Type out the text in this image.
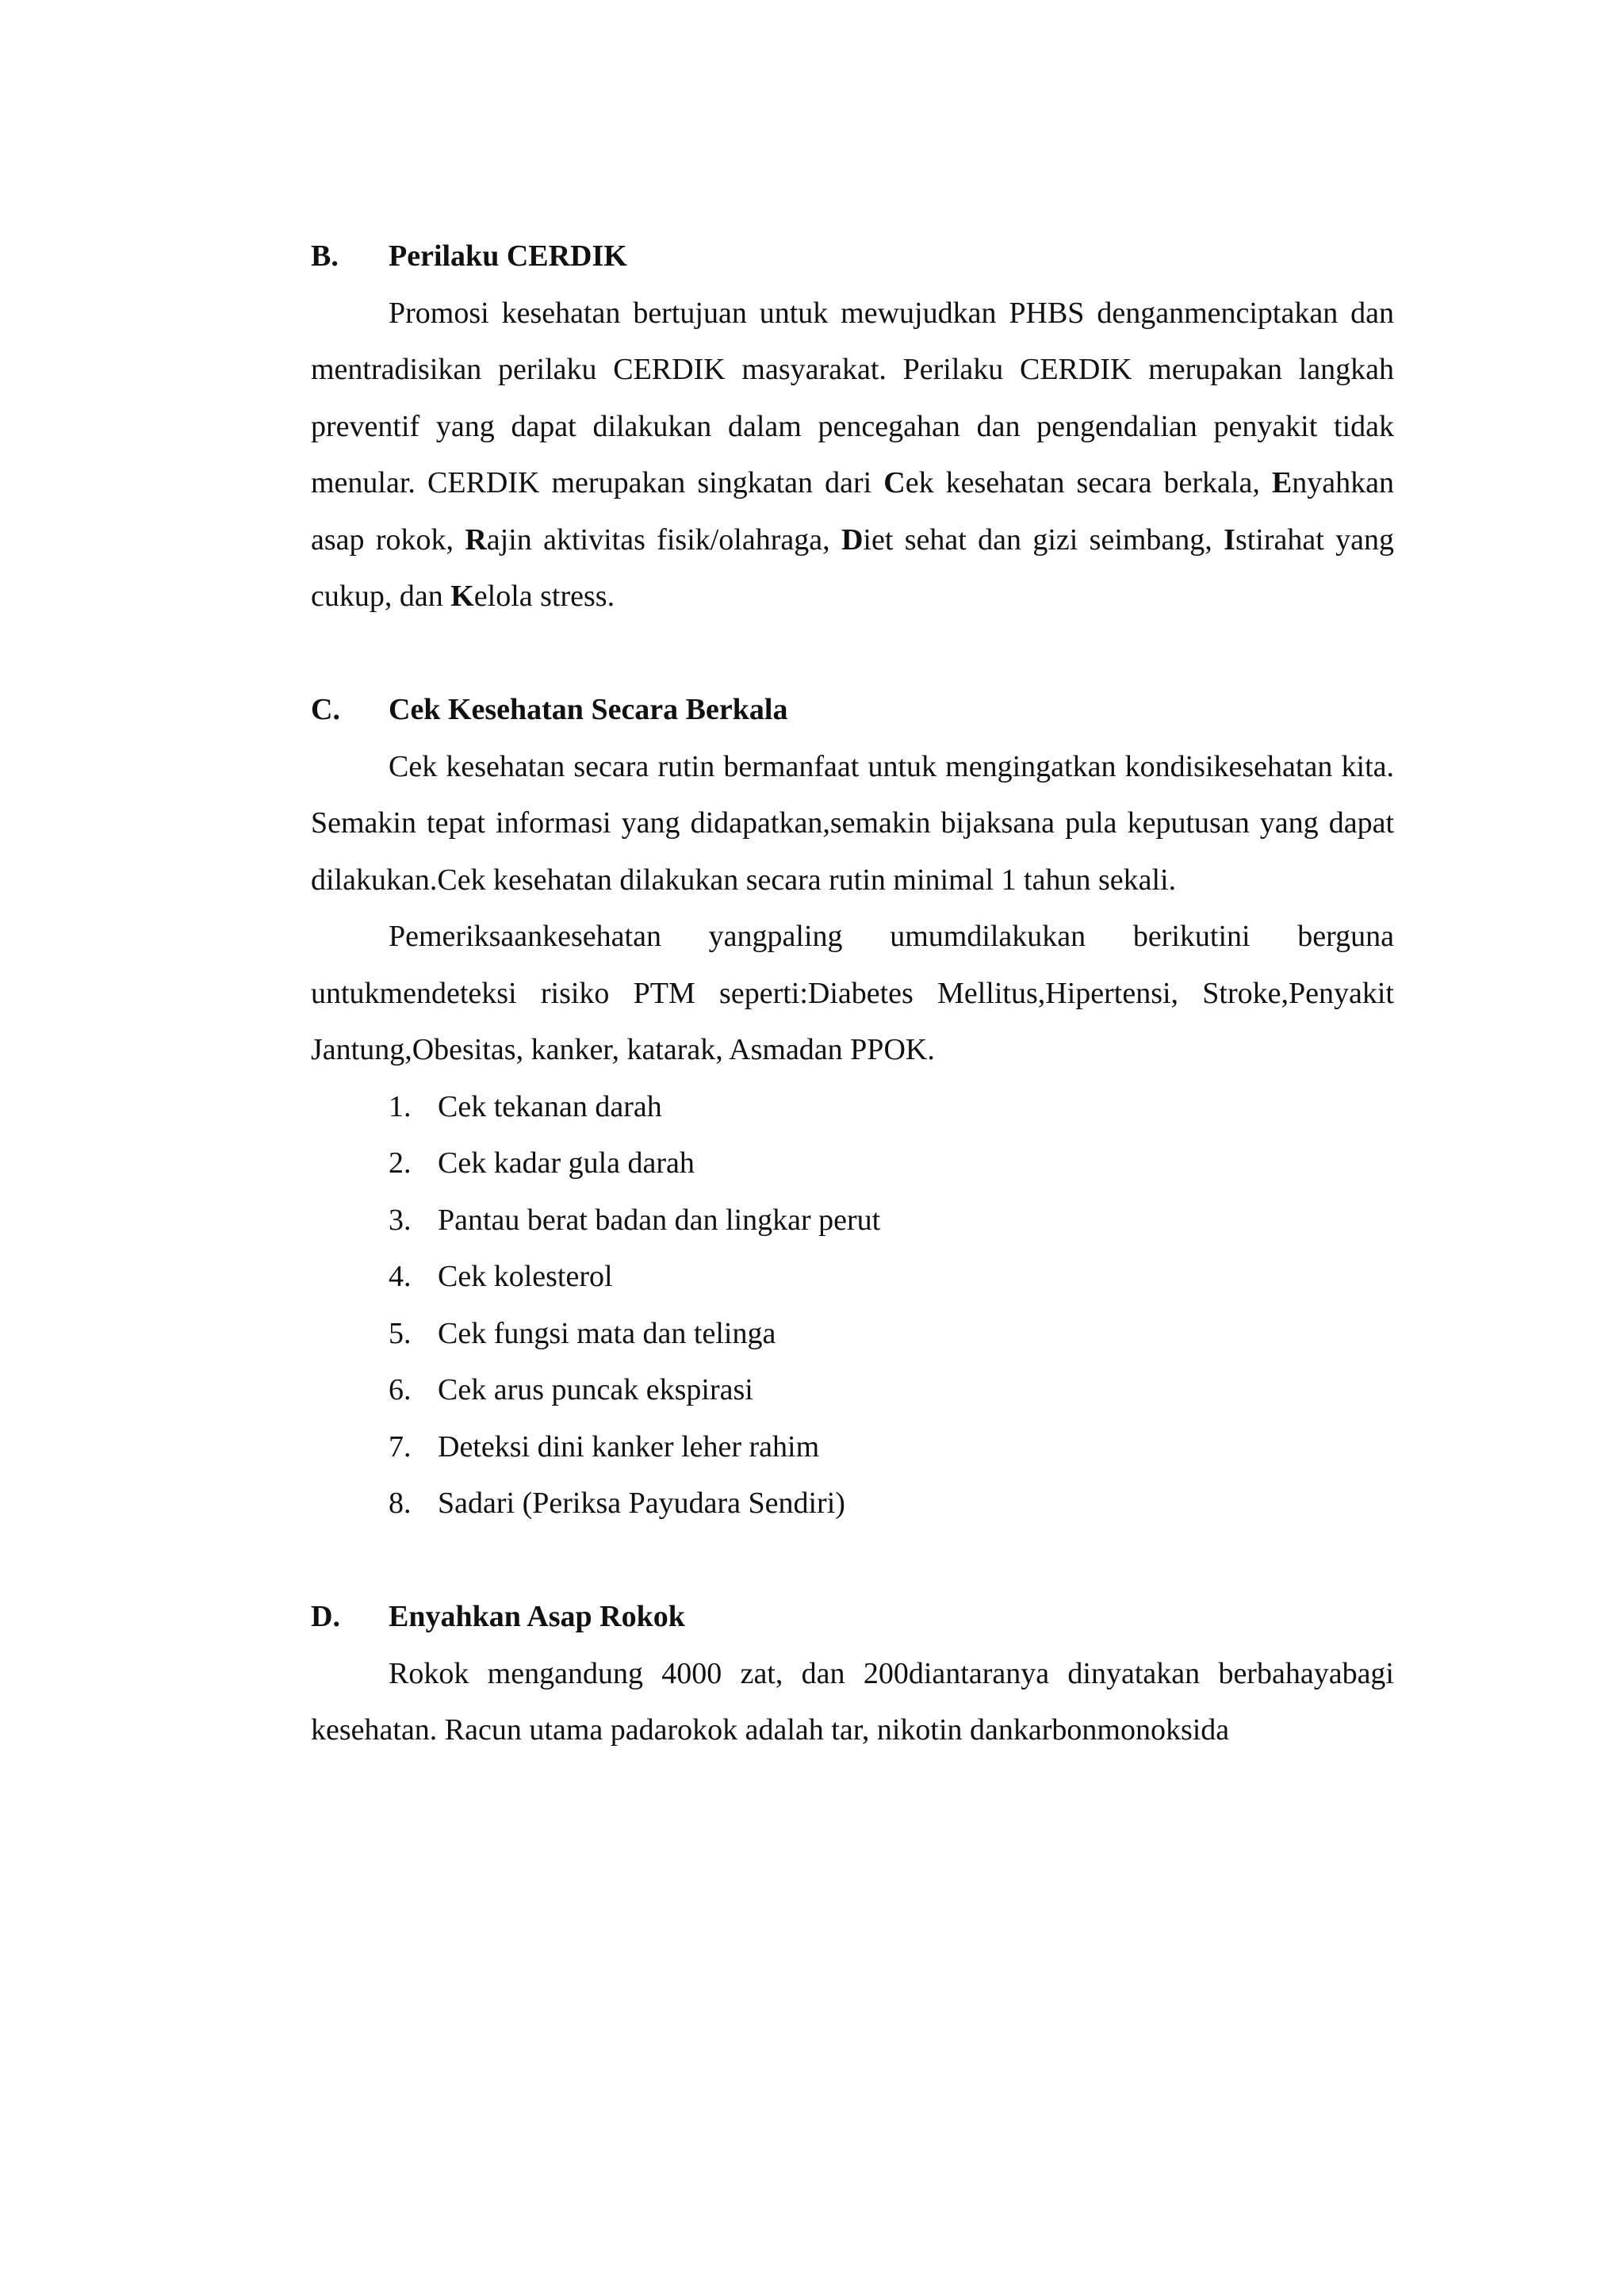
B.	Perilaku CERDIK

Promosi kesehatan bertujuan untuk mewujudkan PHBS denganmenciptakan dan mentradisikan perilaku CERDIK masyarakat. Perilaku CERDIK merupakan langkah preventif yang dapat dilakukan dalam pencegahan dan pengendalian penyakit tidak menular. CERDIK merupakan singkatan dari Cek kesehatan secara berkala, Enyahkan asap rokok, Rajin aktivitas fisik/olahraga, Diet sehat dan gizi seimbang, Istirahat yang cukup, dan Kelola stress.

C.	Cek Kesehatan Secara Berkala

Cek kesehatan secara rutin bermanfaat untuk mengingatkan kondisikesehatan kita. Semakin tepat informasi yang didapatkan,semakin bijaksana pula keputusan yang dapat dilakukan.Cek kesehatan dilakukan secara rutin minimal 1 tahun sekali.

Pemeriksaankesehatan yangpaling umumdilakukan berikutini berguna untukmendeteksi risiko PTM seperti:Diabetes Mellitus,Hipertensi, Stroke,Penyakit Jantung,Obesitas, kanker, katarak, Asmadan PPOK.

1. Cek tekanan darah
2. Cek kadar gula darah
3. Pantau berat badan dan lingkar perut
4. Cek kolesterol
5. Cek fungsi mata dan telinga
6. Cek arus puncak ekspirasi
7. Deteksi dini kanker leher rahim
8. Sadari (Periksa Payudara Sendiri)
D.	Enyahkan Asap Rokok

Rokok mengandung 4000 zat, dan 200diantaranya dinyatakan berbahayabagi kesehatan. Racun utama padarokok adalah tar, nikotin dankarbonmonoksida
